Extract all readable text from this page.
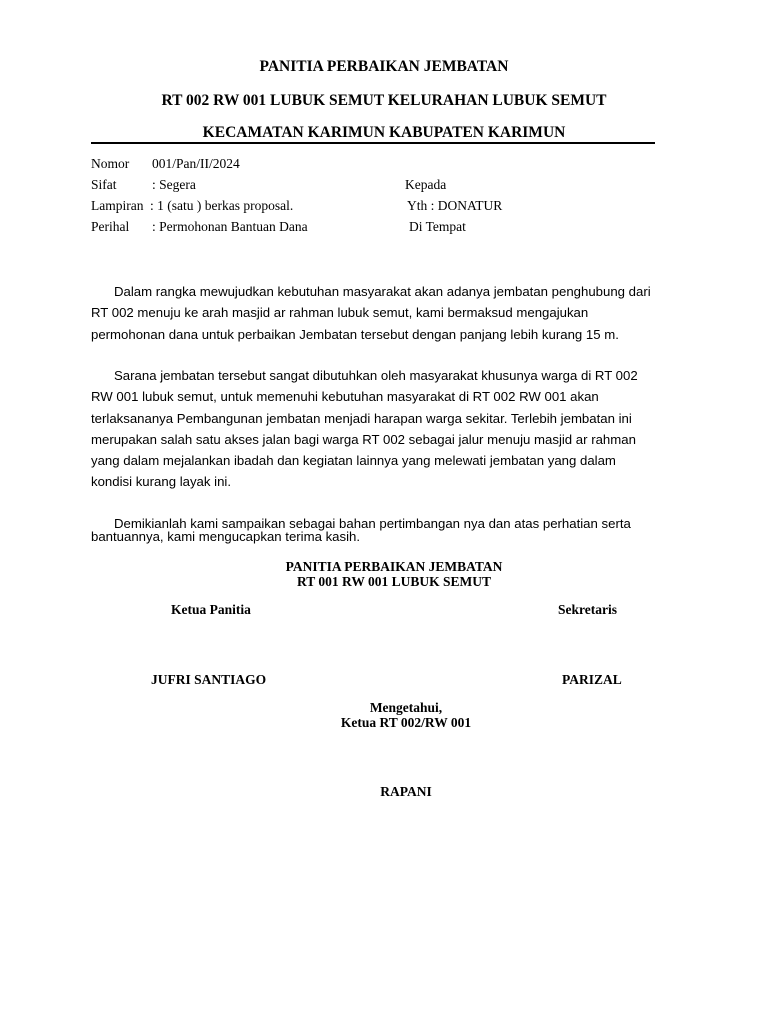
PANITIA PERBAIKAN JEMBATAN
RT 002 RW 001 LUBUK SEMUT KELURAHAN LUBUK SEMUT
KECAMATAN KARIMUN KABUPATEN KARIMUN
Nomor 001/Pan/II/2024
Sifat	: Segera
Lampiran : 1 (satu ) berkas proposal.
Perihal : Permohonan Bantuan Dana
Kepada
Yth : DONATUR
Di Tempat
Dalam rangka mewujudkan kebutuhan masyarakat akan adanya jembatan penghubung dari
RT 002 menuju ke arah masjid ar rahman lubuk semut, kami bermaksud mengajukan
permohonan dana untuk perbaikan Jembatan tersebut dengan panjang lebih kurang 15 m.
Sarana jembatan tersebut sangat dibutuhkan oleh masyarakat khusunya warga di RT 002
RW 001 lubuk semut, untuk memenuhi kebutuhan masyarakat di RT 002 RW 001 akan
terlaksananya Pembangunan jembatan menjadi harapan warga sekitar. Terlebih jembatan ini
merupakan salah satu akses jalan bagi warga RT 002 sebagai jalur menuju masjid ar rahman
yang dalam mejalankan ibadah dan kegiatan lainnya yang melewati jembatan yang dalam
kondisi kurang layak ini.
Demikianlah kami sampaikan sebagai bahan pertimbangan nya dan atas perhatian serta
bantuannya, kami mengucapkan terima kasih.
PANITIA PERBAIKAN JEMBATAN
RT 001 RW 001 LUBUK SEMUT
Ketua Panitia	Sekretaris
JUFRI SANTIAGO	PARIZAL
Mengetahui,
Ketua RT 002/RW 001
RAPANI
